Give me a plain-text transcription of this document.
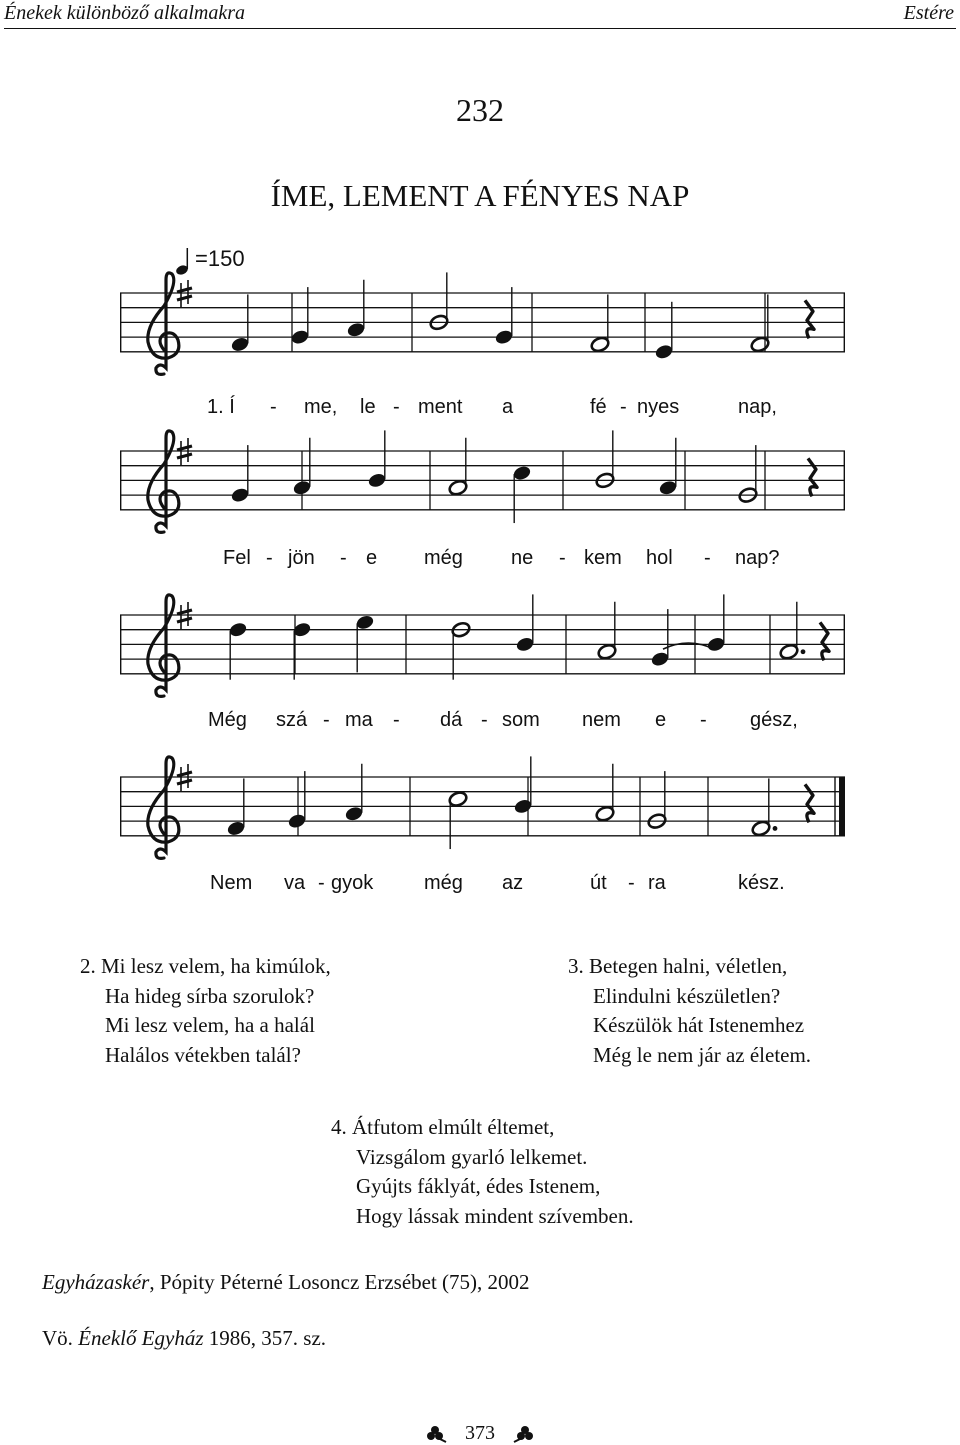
Énekek különböző alkalmakra	Estére
232
ÍME, LEMENT A FÉNYES NAP
=150
1. Í - me, le - ment a	fé - nyes	nap,
Fel - jön - e még ne - kem hol - nap?
Még szá - ma - dá - som nem e - gész,
Nem va - gyok	még az	út - ra	kész.
2. Mi lesz velem, ha kimúlok,
Ha hideg sírba szorulok?
Mi lesz velem, ha a halál
Halálos vétekben talál?
3. Betegen halni, véletlen,
Elindulni készületlen?
Készülök hát Istenemhez
Még le nem jár az életem.
4. Átfutom elmúlt éltemet,
Vizsgálom gyarló lelkemet.
Gyújts fáklyát, édes Istenem,
Hogy lássak mindent szívemben.
Egyházaskér, Pópity Péterné Losoncz Erzsébet (75), 2002
Vö. Éneklő Egyház 1986, 357. sz.
373
